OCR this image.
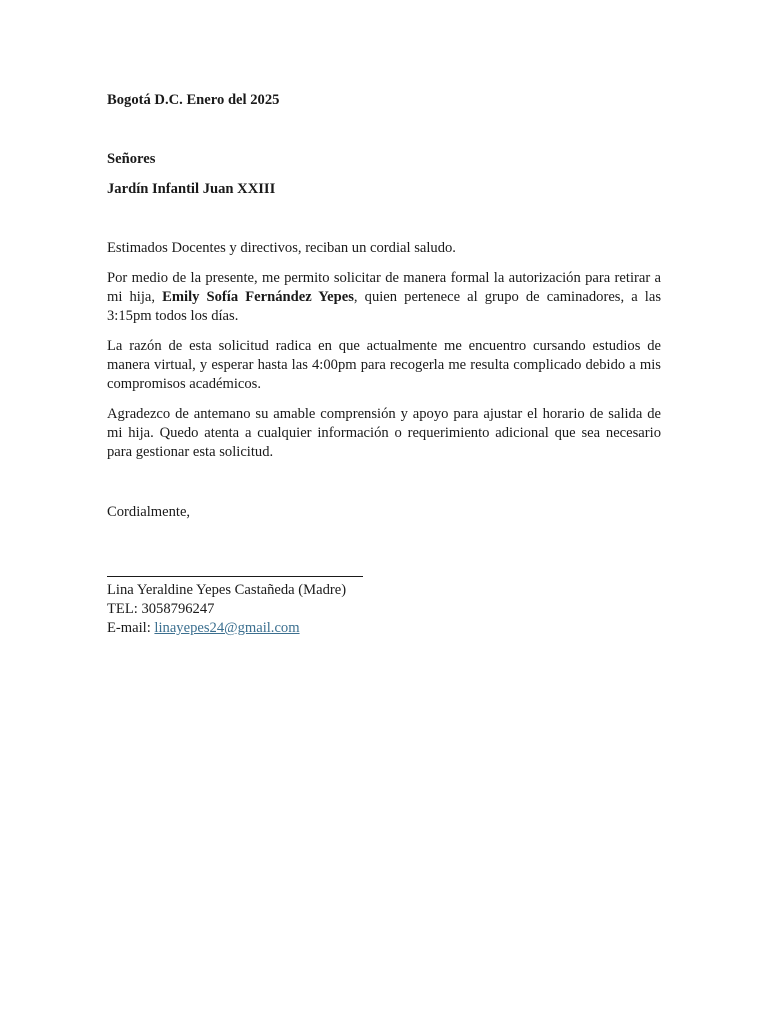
Bogotá D.C. Enero del 2025
Señores
Jardín Infantil Juan XXIII
Estimados Docentes y directivos, reciban un cordial saludo.
Por medio de la presente, me permito solicitar de manera formal la autorización para retirar a mi hija, Emily Sofía Fernández Yepes, quien pertenece al grupo de caminadores, a las 3:15pm todos los días.
La razón de esta solicitud radica en que actualmente me encuentro cursando estudios de manera virtual, y esperar hasta las 4:00pm para recogerla me resulta complicado debido a mis compromisos académicos.
Agradezco de antemano su amable comprensión y apoyo para ajustar el horario de salida de mi hija. Quedo atenta a cualquier información o requerimiento adicional que sea necesario para gestionar esta solicitud.
Cordialmente,
Lina Yeraldine Yepes Castañeda (Madre)
TEL: 3058796247
E-mail: linayepes24@gmail.com
